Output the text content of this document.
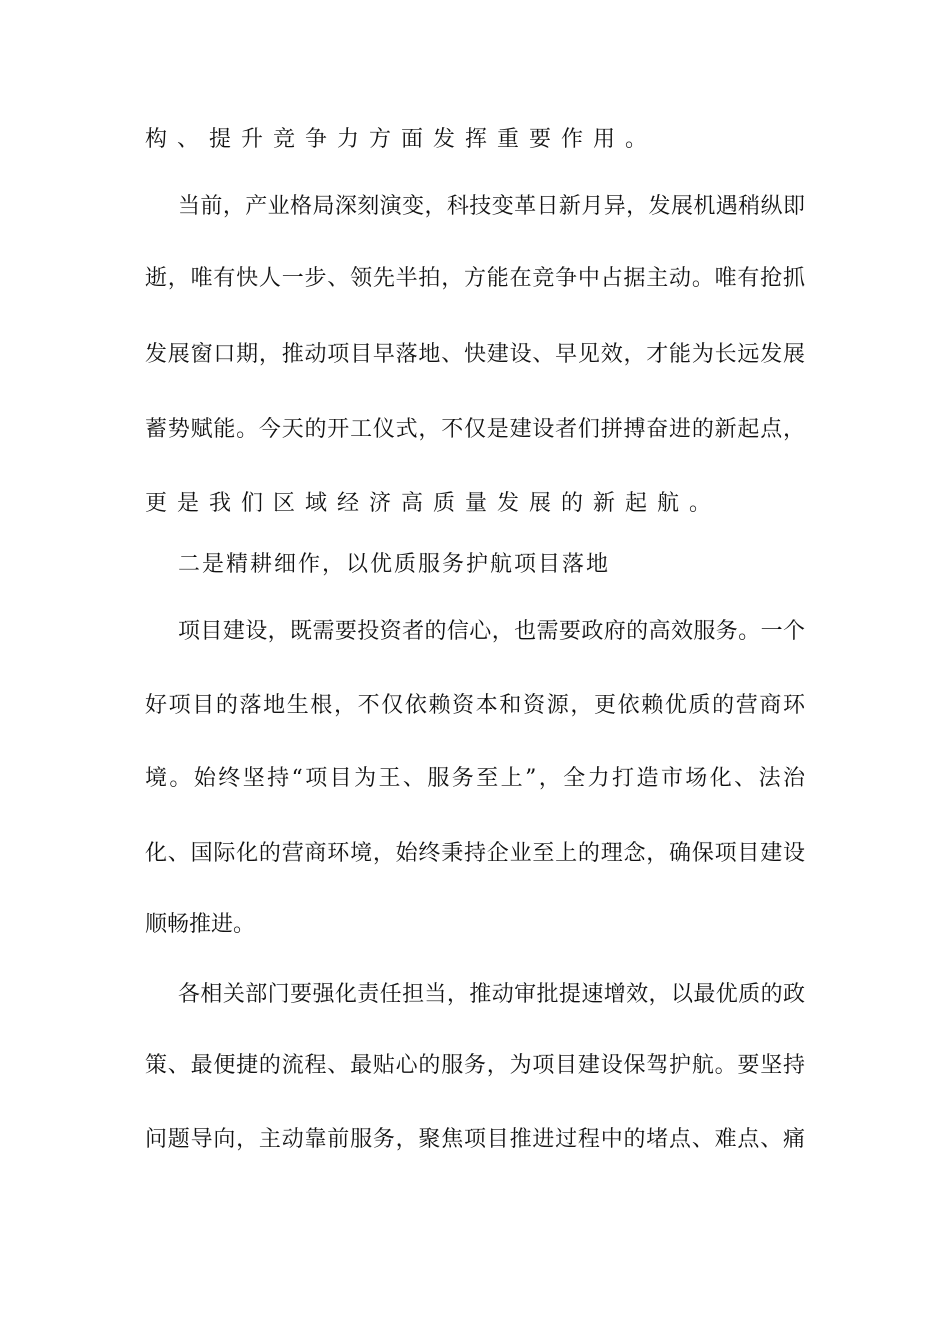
构、提升竞争力方面发挥重要作用。
当前，产业格局深刻演变，科技变革日新月异，发展机遇稍纵即
逝，唯有快人一步、领先半拍，方能在竞争中占据主动。唯有抢抓
发展窗口期，推动项目早落地、快建设、早见效，才能为长远发展
蓄势赋能。今天的开工仪式，不仅是建设者们拼搏奋进的新起点，
更是我们区域经济高质量发展的新起航。
二是精耕细作，以优质服务护航项目落地
项目建设，既需要投资者的信心，也需要政府的高效服务。一个
好项目的落地生根，不仅依赖资本和资源，更依赖优质的营商环
境。始终坚持“项目为王、服务至上”，全力打造市场化、法治
化、国际化的营商环境，始终秉持企业至上的理念，确保项目建设
顺畅推进。
各相关部门要强化责任担当，推动审批提速增效，以最优质的政
策、最便捷的流程、最贴心的服务，为项目建设保驾护航。要坚持
问题导向，主动靠前服务，聚焦项目推进过程中的堵点、难点、痛
